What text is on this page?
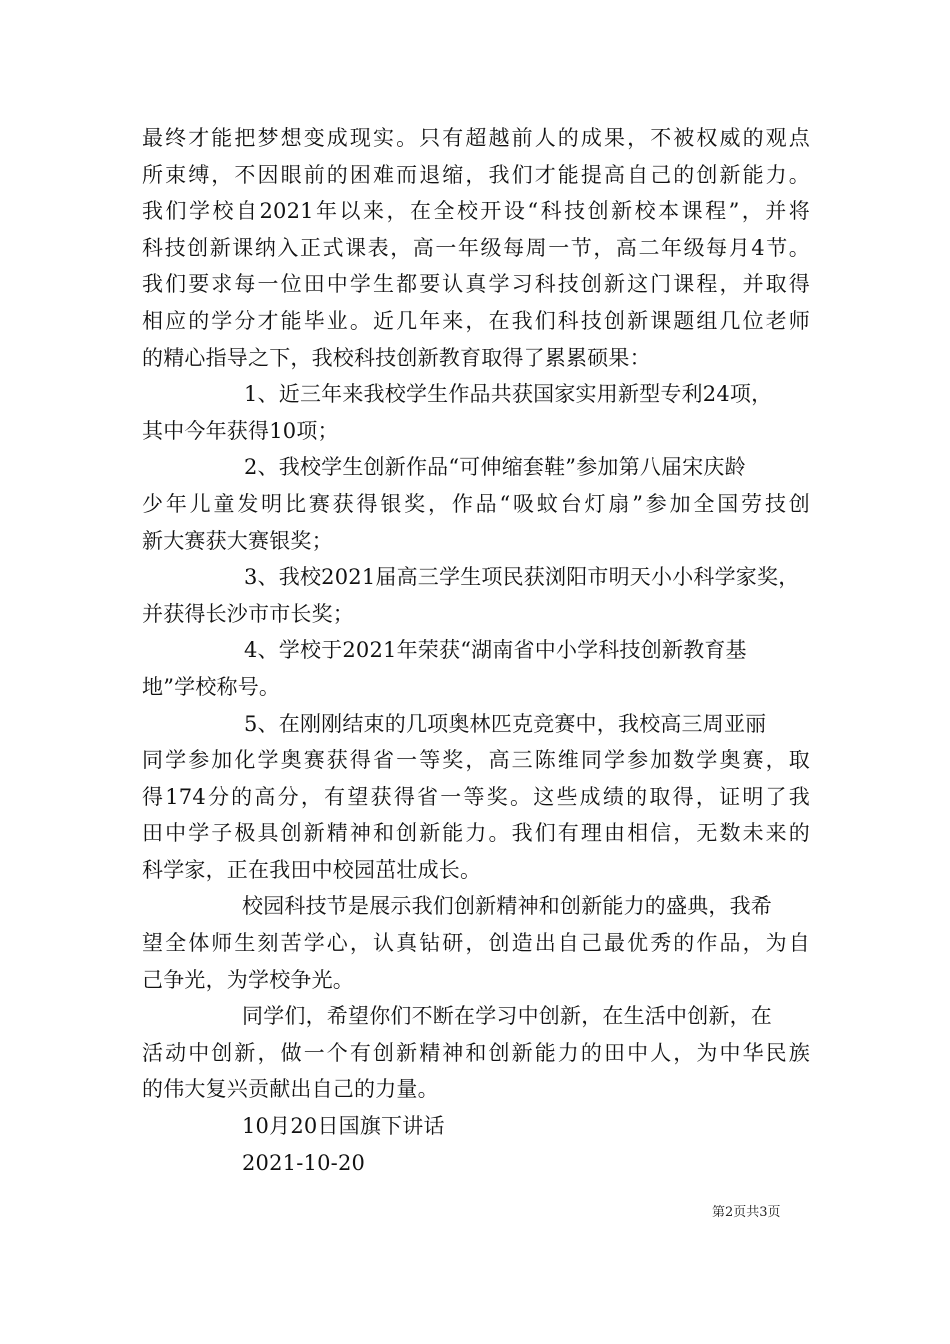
最终才能把梦想变成现实。只有超越前人的成果，不被权威的观点
所束缚，不因眼前的困难而退缩，我们才能提高自己的创新能力。
我们学校自2021年以来，在全校开设“科技创新校本课程”，并将
科技创新课纳入正式课表，高一年级每周一节，高二年级每月4节。
我们要求每一位田中学生都要认真学习科技创新这门课程，并取得
相应的学分才能毕业。近几年来，在我们科技创新课题组几位老师
的精心指导之下，我校科技创新教育取得了累累硕果：
1、近三年来我校学生作品共获国家实用新型专利24项，
其中今年获得10项；
2、我校学生创新作品“可伸缩套鞋”参加第八届宋庆龄
少年儿童发明比赛获得银奖，作品“吸蚊台灯扇”参加全国劳技创
新大赛获大赛银奖；
3、我校2021届高三学生项民获浏阳市明天小小科学家奖，
并获得长沙市市长奖；
4、学校于2021年荣获“湖南省中小学科技创新教育基
地”学校称号。
5、在刚刚结束的几项奥林匹克竞赛中，我校高三周亚丽
同学参加化学奥赛获得省一等奖，高三陈维同学参加数学奥赛，取
得174分的高分，有望获得省一等奖。这些成绩的取得，证明了我
田中学子极具创新精神和创新能力。我们有理由相信，无数未来的
科学家，正在我田中校园茁壮成长。
校园科技节是展示我们创新精神和创新能力的盛典，我希
望全体师生刻苦学心，认真钻研，创造出自己最优秀的作品，为自
己争光，为学校争光。
同学们，希望你们不断在学习中创新，在生活中创新，在
活动中创新，做一个有创新精神和创新能力的田中人，为中华民族
的伟大复兴贡献出自己的力量。
10月20日国旗下讲话
2021-10-20
第2页共3页
